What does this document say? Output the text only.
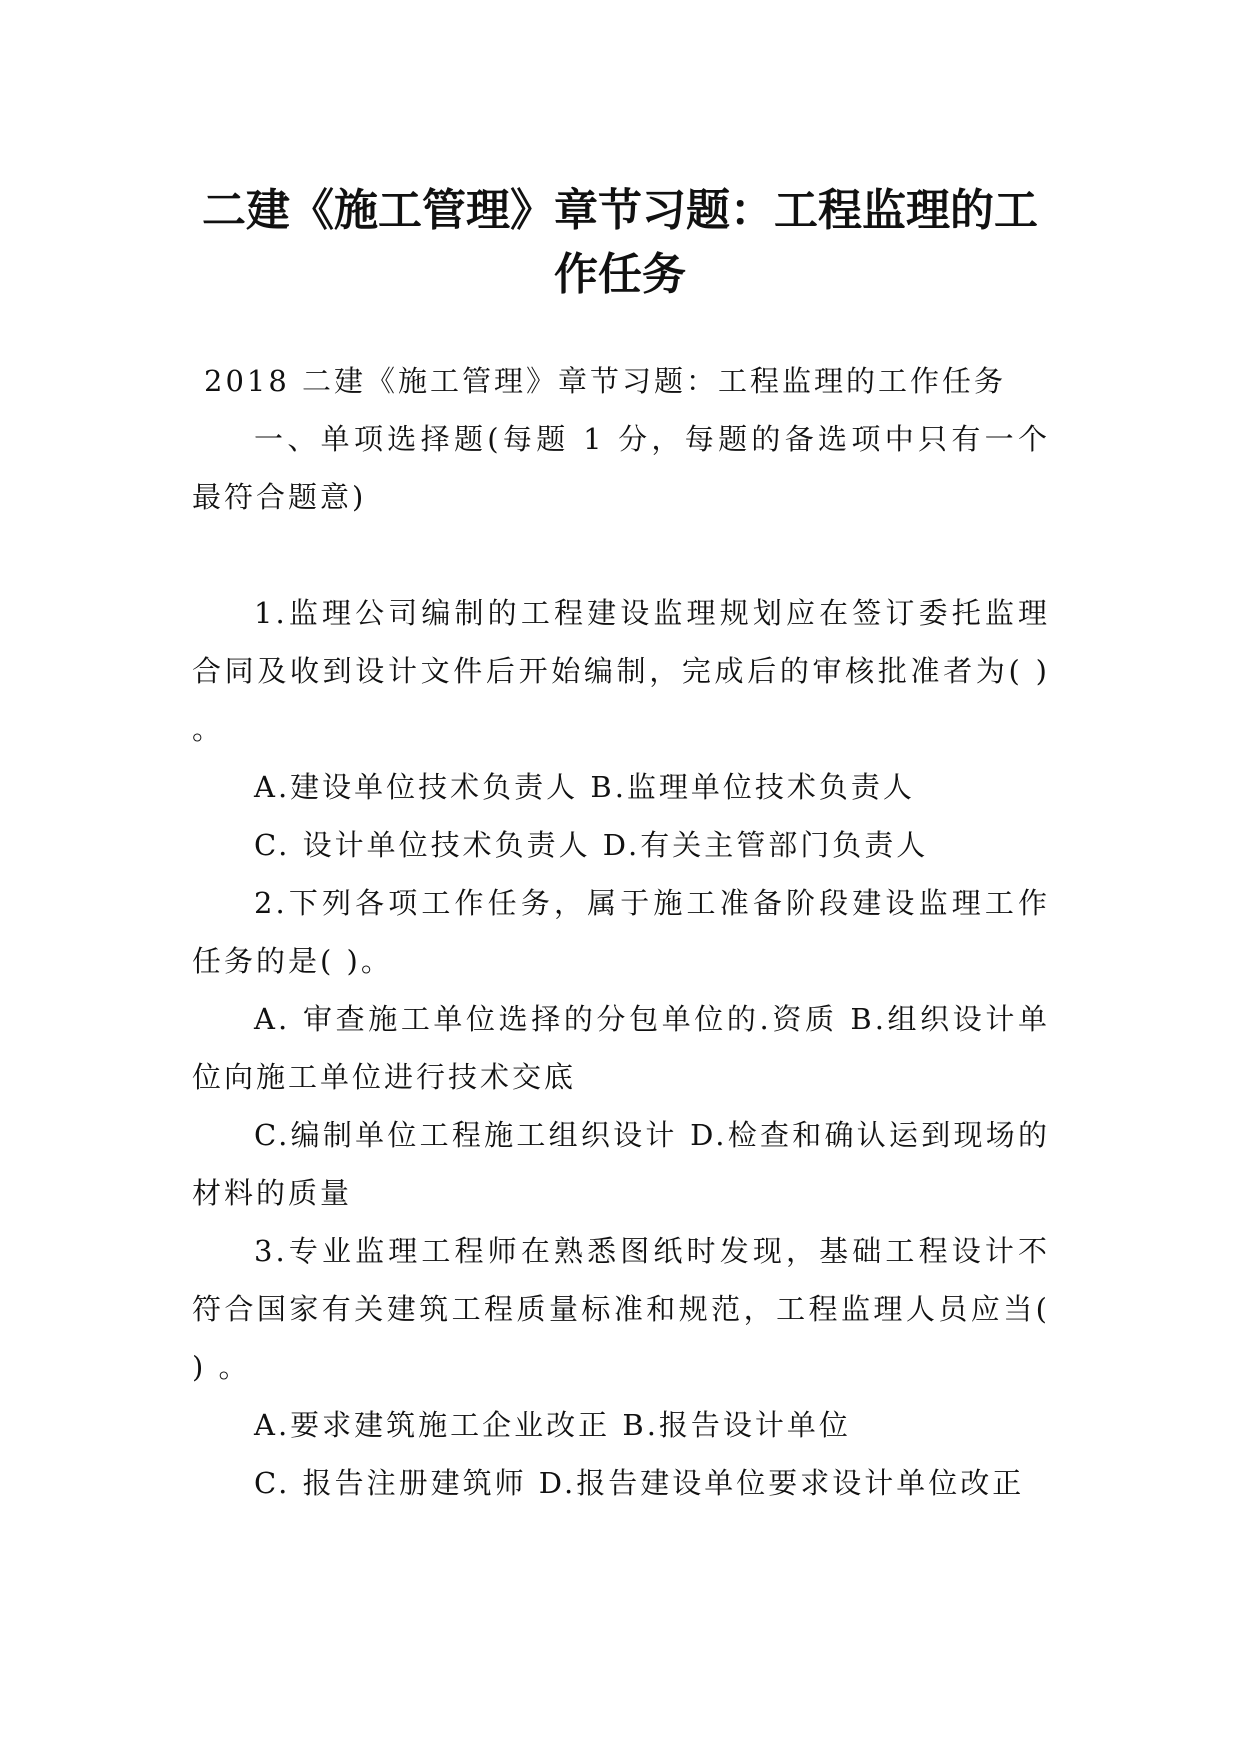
二建《施工管理》章节习题：工程监理的工
作任务

2018 二建《施工管理》章节习题：工程监理的工作任务

一、单项选择题(每题 1 分，每题的备选项中只有一个最符合题意)

1.监理公司编制的工程建设监理规划应在签订委托监理合同及收到设计文件后开始编制，完成后的审核批准者为( ) 。

A.建设单位技术负责人 B.监理单位技术负责人

C. 设计单位技术负责人 D.有关主管部门负责人

2.下列各项工作任务，属于施工准备阶段建设监理工作任务的是( )。

A. 审查施工单位选择的分包单位的.资质 B.组织设计单位向施工单位进行技术交底

C.编制单位工程施工组织设计 D.检查和确认运到现场的材料的质量

3.专业监理工程师在熟悉图纸时发现，基础工程设计不符合国家有关建筑工程质量标准和规范，工程监理人员应当( ) 。

A.要求建筑施工企业改正 B.报告设计单位

C. 报告注册建筑师 D.报告建设单位要求设计单位改正
